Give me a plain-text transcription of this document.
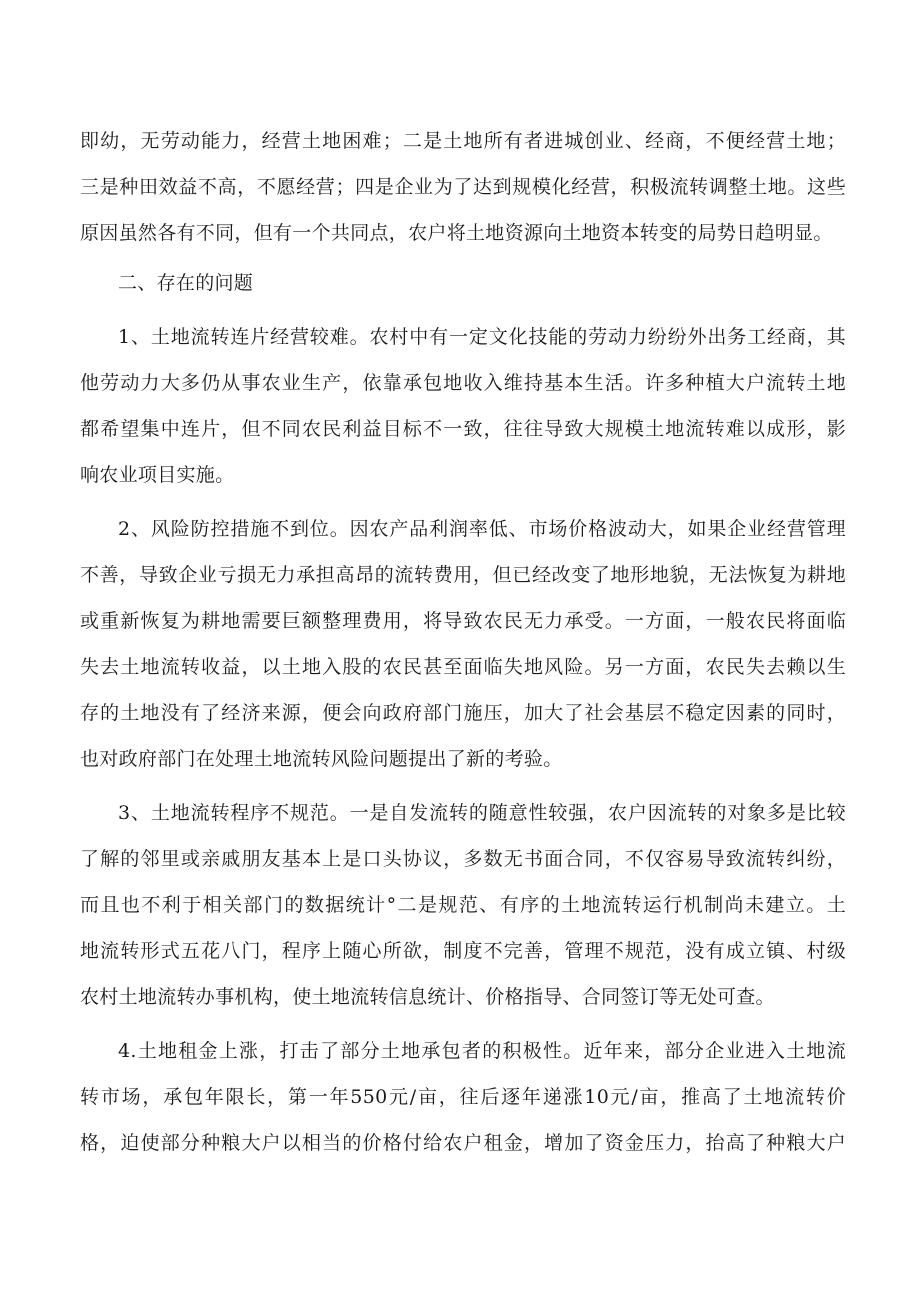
即幼，无劳动能力，经营土地困难；二是土地所有者进城创业、经商，不便经营土地；
三是种田效益不高，不愿经营；四是企业为了达到规模化经营，积极流转调整土地。这些
原因虽然各有不同，但有一个共同点，农户将土地资源向土地资本转变的局势日趋明显。
二、存在的问题
1、土地流转连片经营较难。农村中有一定文化技能的劳动力纷纷外出务工经商，其
他劳动力大多仍从事农业生产，依靠承包地收入维持基本生活。许多种植大户流转土地
都希望集中连片，但不同农民利益目标不一致，往往导致大规模土地流转难以成形，影
响农业项目实施。
2、风险防控措施不到位。因农产品利润率低、市场价格波动大，如果企业经营管理
不善，导致企业亏损无力承担高昂的流转费用，但已经改变了地形地貌，无法恢复为耕地
或重新恢复为耕地需要巨额整理费用，将导致农民无力承受。一方面，一般农民将面临
失去土地流转收益，以土地入股的农民甚至面临失地风险。另一方面，农民失去赖以生
存的土地没有了经济来源，便会向政府部门施压，加大了社会基层不稳定因素的同时，
也对政府部门在处理土地流转风险问题提出了新的考验。
3、土地流转程序不规范。一是自发流转的随意性较强，农户因流转的对象多是比较
了解的邻里或亲戚朋友基本上是口头协议，多数无书面合同，不仅容易导致流转纠纷，
而且也不利于相关部门的数据统计°二是规范、有序的土地流转运行机制尚未建立。土
地流转形式五花八门，程序上随心所欲，制度不完善，管理不规范，没有成立镇、村级
农村土地流转办事机构，使土地流转信息统计、价格指导、合同签订等无处可查。
4.土地租金上涨，打击了部分土地承包者的积极性。近年来，部分企业进入土地流
转市场，承包年限长，第一年550元/亩，往后逐年递涨10元/亩，推高了土地流转价
格，迫使部分种粮大户以相当的价格付给农户租金，增加了资金压力，抬高了种粮大户
